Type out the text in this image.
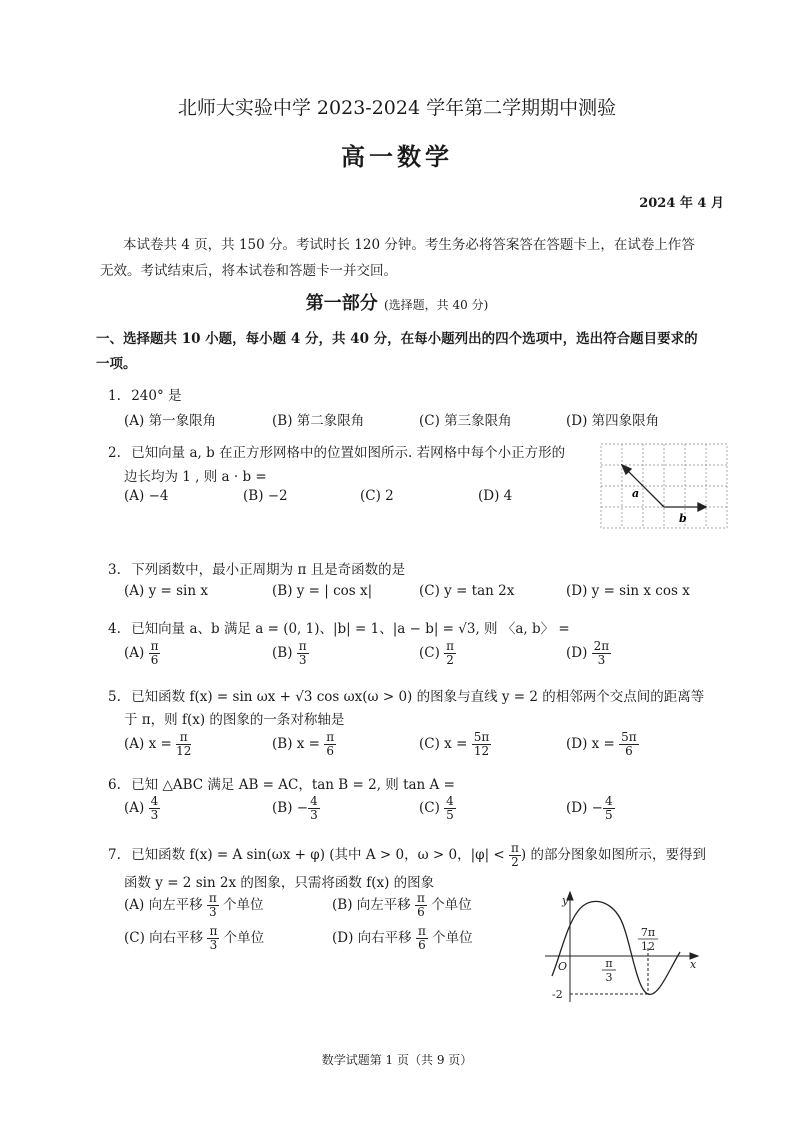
北师大实验中学 2023-2024 学年第二学期期中测验
高一数学
2024 年 4 月
本试卷共 4 页，共 150 分。考试时长 120 分钟。考生务必将答案答在答题卡上，在试卷上作答无效。考试结束后，将本试卷和答题卡一并交回。
第一部分 (选择题，共 40 分)
一、选择题共 10 小题，每小题 4 分，共 40 分，在每小题列出的四个选项中，选出符合题目要求的一项。
1. 240° 是
(A) 第一象限角	(B) 第二象限角	(C) 第三象限角	(D) 第四象限角
2. 已知向量 a, b 在正方形网格中的位置如图所示. 若网格中每个小正方形的
边长均为 1 , 则 a · b =
(A) −4	(B) −2	(C) 2	(D) 4	a
b
3. 下列函数中，最小正周期为 π 且是奇函数的是
(A) y = sin x	(B) y = | cos x|	(C) y = tan 2x	(D) y = sin x cos x
4. 已知向量 a、b 满足 a = (0, 1)、|b| = 1、|a − b| = √3, 则 〈a, b〉 =
$(A) \frac{\pi}{6}$	$(B) \frac{\pi}{3}$	$(C) \frac{\pi}{2}$	$(D) \frac{2\pi}{3}$
5. 已知函数 f(x) = sin ωx + √3 cos ωx(ω > 0) 的图象与直线 y = 2 的相邻两个交点间的距离等
于 π，则 f(x) 的图象的一条对称轴是
(A) $x = \frac{\pi}{12}$	(B) $x = \frac{\pi}{6}$	(C) $x = \frac{5\pi}{12}$	(D) $x = \frac{5\pi}{6}$
6. 已知 △ABC 满足 AB = AC，tan B = 2, 则 tan A =
$(A) \frac{4}{3}$	$(B) - \frac{4}{3}$	$(C) \frac{4}{5}$	$(D) - \frac{4}{5}$
7. 已知函数 f(x) = A sin(ωx + φ) (其中 A > 0，ω > 0，$|\varphi| < \frac{\pi}{2}$ ) 的部分图象如图所示，要得到
函数 y = 2 sin 2x 的图象，只需将函数 f(x) 的图象
(A) 向左平移 $\frac{\pi}{3}$ 个单位	(B) 向左平移 $\frac{\pi}{6}$ 个单位
(C) 向右平移 $\frac{\pi}{3}$ 个单位	(D) 向右平移 $\frac{\pi}{6}$ 个单位
y
x
O
-2
π
3
7π
12
数学试题第 1 页（共 9 页）
